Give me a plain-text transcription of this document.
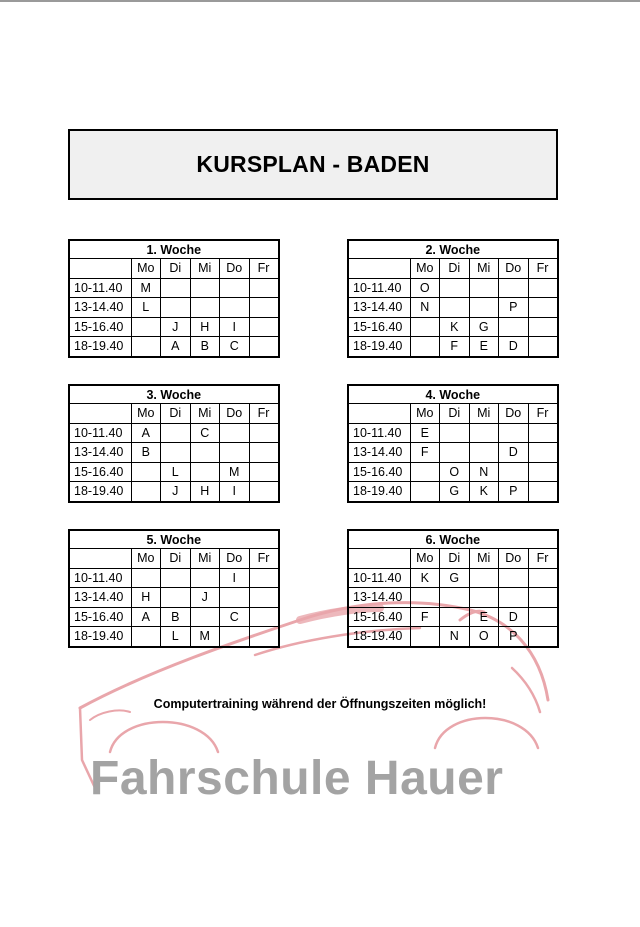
KURSPLAN - BADEN
Computertraining während der Öffnungszeiten möglich!
Fahrschule Hauer
1. Woche					
	Mo	Di	Mi	Do	Fr
10-11.40	M				
13-14.40	L				
15-16.40		J	H	I	
18-19.40		A	B	C	
2. Woche					
	Mo	Di	Mi	Do	Fr
10-11.40	O				
13-14.40	N			P	
15-16.40		K	G		
18-19.40		F	E	D	
3. Woche					
	Mo	Di	Mi	Do	Fr
10-11.40	A		C		
13-14.40	B				
15-16.40		L		M	
18-19.40		J	H	I	
4. Woche					
	Mo	Di	Mi	Do	Fr
10-11.40	E				
13-14.40	F			D	
15-16.40		O	N		
18-19.40		G	K	P	
5. Woche					
	Mo	Di	Mi	Do	Fr
10-11.40				I	
13-14.40	H		J		
15-16.40	A	B		C	
18-19.40		L	M		
6. Woche					
	Mo	Di	Mi	Do	Fr
10-11.40	K	G			
13-14.40					
15-16.40	F		E	D	
18-19.40		N	O	P	
